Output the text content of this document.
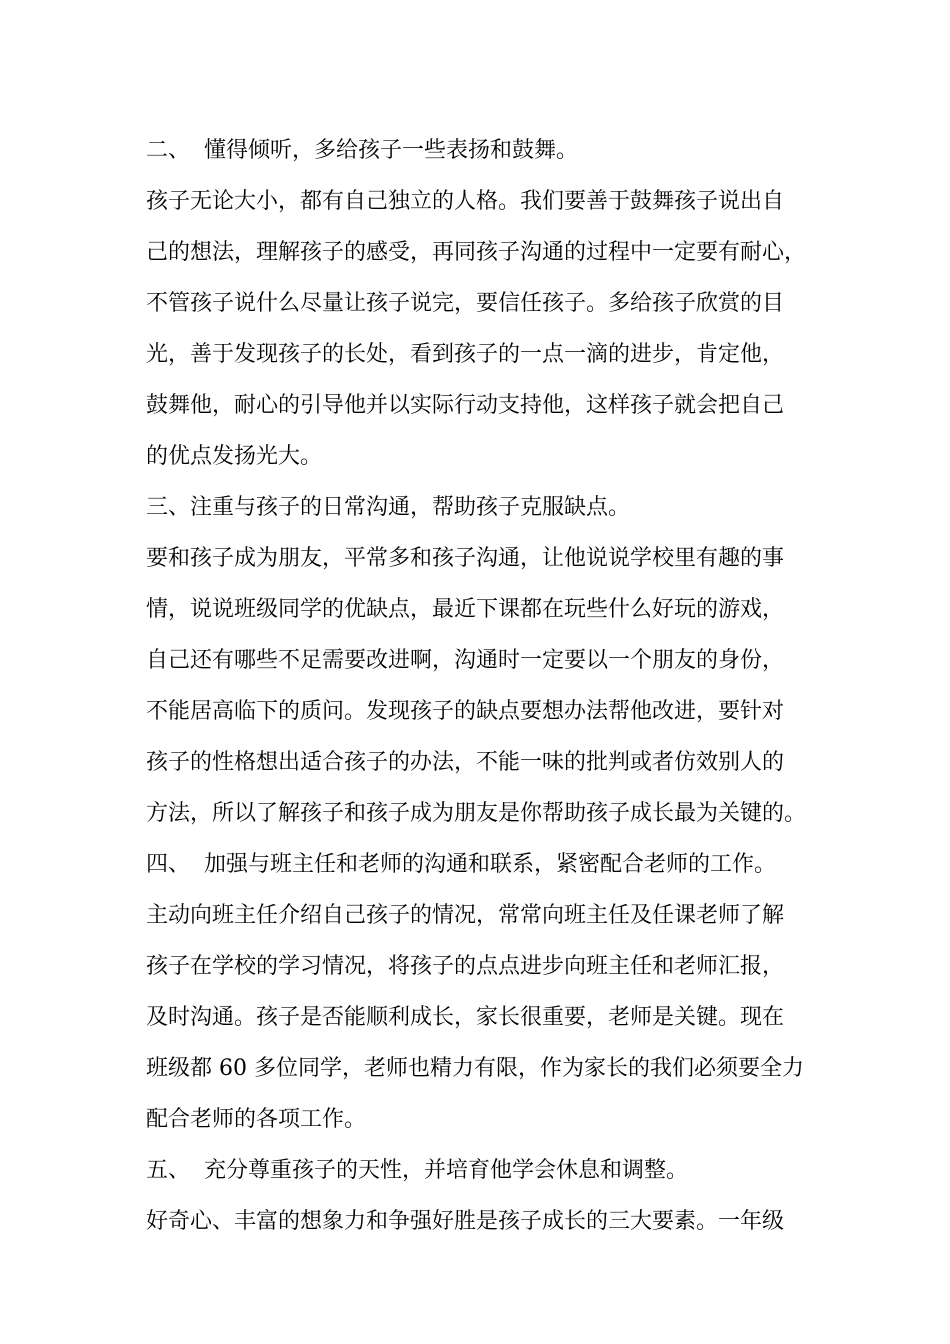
二、  懂得倾听，多给孩子一些表扬和鼓舞。
孩子无论大小，都有自己独立的人格。我们要善于鼓舞孩子说出自
己的想法，理解孩子的感受，再同孩子沟通的过程中一定要有耐心，
不管孩子说什么尽量让孩子说完，要信任孩子。多给孩子欣赏的目
光，善于发现孩子的长处，看到孩子的一点一滴的进步，肯定他，
鼓舞他，耐心的引导他并以实际行动支持他，这样孩子就会把自己
的优点发扬光大。
三、注重与孩子的日常沟通，帮助孩子克服缺点。
要和孩子成为朋友，平常多和孩子沟通，让他说说学校里有趣的事
情，说说班级同学的优缺点，最近下课都在玩些什么好玩的游戏，
自己还有哪些不足需要改进啊，沟通时一定要以一个朋友的身份，
不能居高临下的质问。发现孩子的缺点要想办法帮他改进，要针对
孩子的性格想出适合孩子的办法，不能一味的批判或者仿效别人的
方法，所以了解孩子和孩子成为朋友是你帮助孩子成长最为关键的。
四、  加强与班主任和老师的沟通和联系，紧密配合老师的工作。
主动向班主任介绍自己孩子的情况，常常向班主任及任课老师了解
孩子在学校的学习情况，将孩子的点点进步向班主任和老师汇报，
及时沟通。孩子是否能顺利成长，家长很重要，老师是关键。现在
班级都 60 多位同学，老师也精力有限，作为家长的我们必须要全力
配合老师的各项工作。
五、  充分尊重孩子的天性，并培育他学会休息和调整。
好奇心、丰富的想象力和争强好胜是孩子成长的三大要素。一年级
